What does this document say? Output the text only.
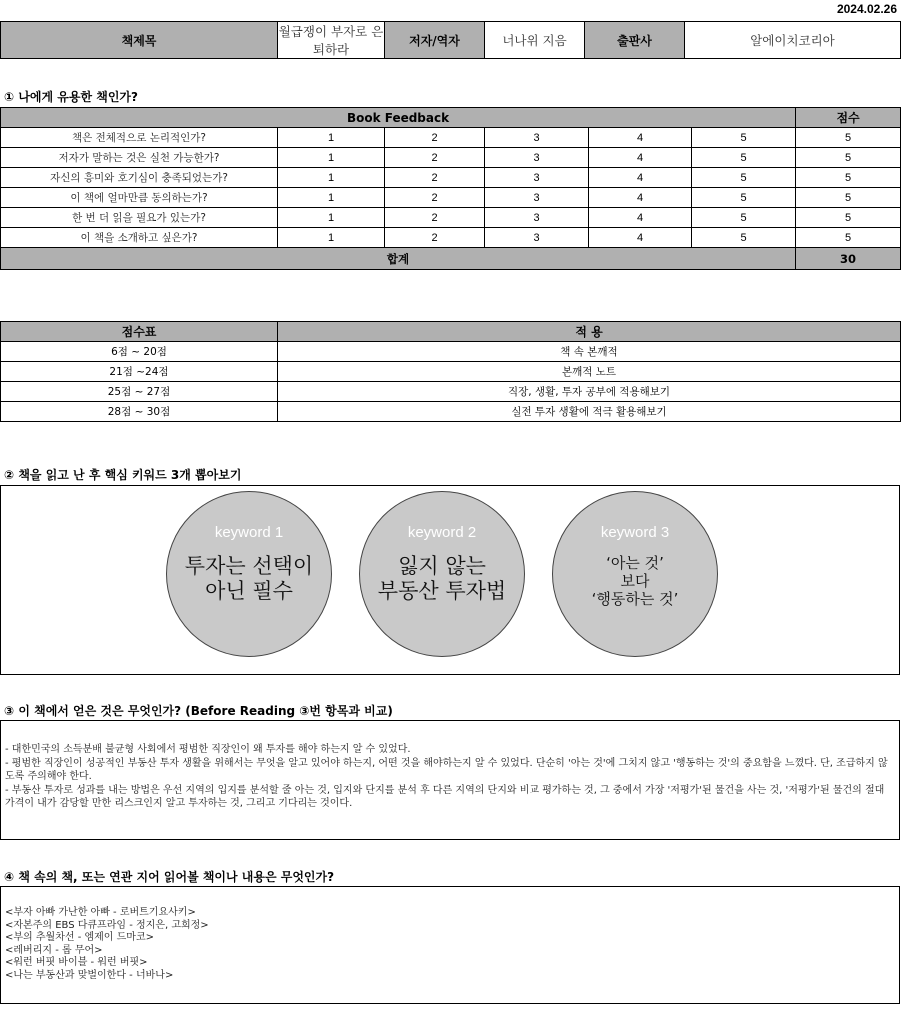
2024.02.26
책제목	월급쟁이 부자로 은퇴하라	저자/역자	너나위 지음	출판사	알에이치코리아
① 나에게 유용한 책인가?
Book Feedback						점수
책은 전체적으로 논리적인가?	1	2	3	4	5	5
저자가 말하는 것은 실천 가능한가?	1	2	3	4	5	5
자신의 흥미와 호기심이 충족되었는가?	1	2	3	4	5	5
이 책에 얼마만큼 동의하는가?	1	2	3	4	5	5
한 번 더 읽을 필요가 있는가?	1	2	3	4	5	5
이 책을 소개하고 싶은가?	1	2	3	4	5	5
합계						30
점수표	적 용
6점 ~ 20점	책 속 본깨적
21점 ~24점	본깨적 노트
25점 ~ 27점	직장, 생활, 투자 공부에 적용해보기
28점 ~ 30점	실전 투자 생활에 적극 활용해보기
② 책을 읽고 난 후 핵심 키워드 3개 뽑아보기
keyword 1
투자는 선택이
아닌 필수
keyword 2
잃지 않는
부동산 투자법
keyword 3
‘아는 것’
보다
‘행동하는 것’
③ 이 책에서 얻은 것은 무엇인가? (Before Reading ③번 항목과 비교)
- 대한민국의 소득분배 불균형 사회에서 평범한 직장인이 왜 투자를 해야 하는지 알 수 있었다.
- 평범한 직장인이 성공적인 부동산 투자 생활을 위해서는 무엇을 알고 있어야 하는지, 어떤 것을 해야하는지 알 수 있었다. 단순히 '아는 것'에 그치지 않고 '행동하는 것'의 중요함을 느꼈다. 단, 조급하지 않도록 주의해야 한다.
- 부동산 투자로 성과를 내는 방법은 우선 지역의 입지를 분석할 줄 아는 것, 입지와 단지를 분석 후 다른 지역의 단지와 비교 평가하는 것, 그 중에서 가장 '저평가'된 물건을 사는 것, '저평가'된 물건의 절대 가격이 내가 감당할 만한 리스크인지 알고 투자하는 것, 그리고 기다리는 것이다.
④ 책 속의 책, 또는 연관 지어 읽어볼 책이나 내용은 무엇인가?
<부자 아빠 가난한 아빠 - 로버트기요사키>
<자본주의 EBS 다큐프라임 - 정지은, 고희정>
<부의 추월차선 - 엠제이 드마코>
<레버리지 - 롭 무어>
<워런 버핏 바이블 - 워런 버핏>
<나는 부동산과 맞벌이한다 - 너바나>
